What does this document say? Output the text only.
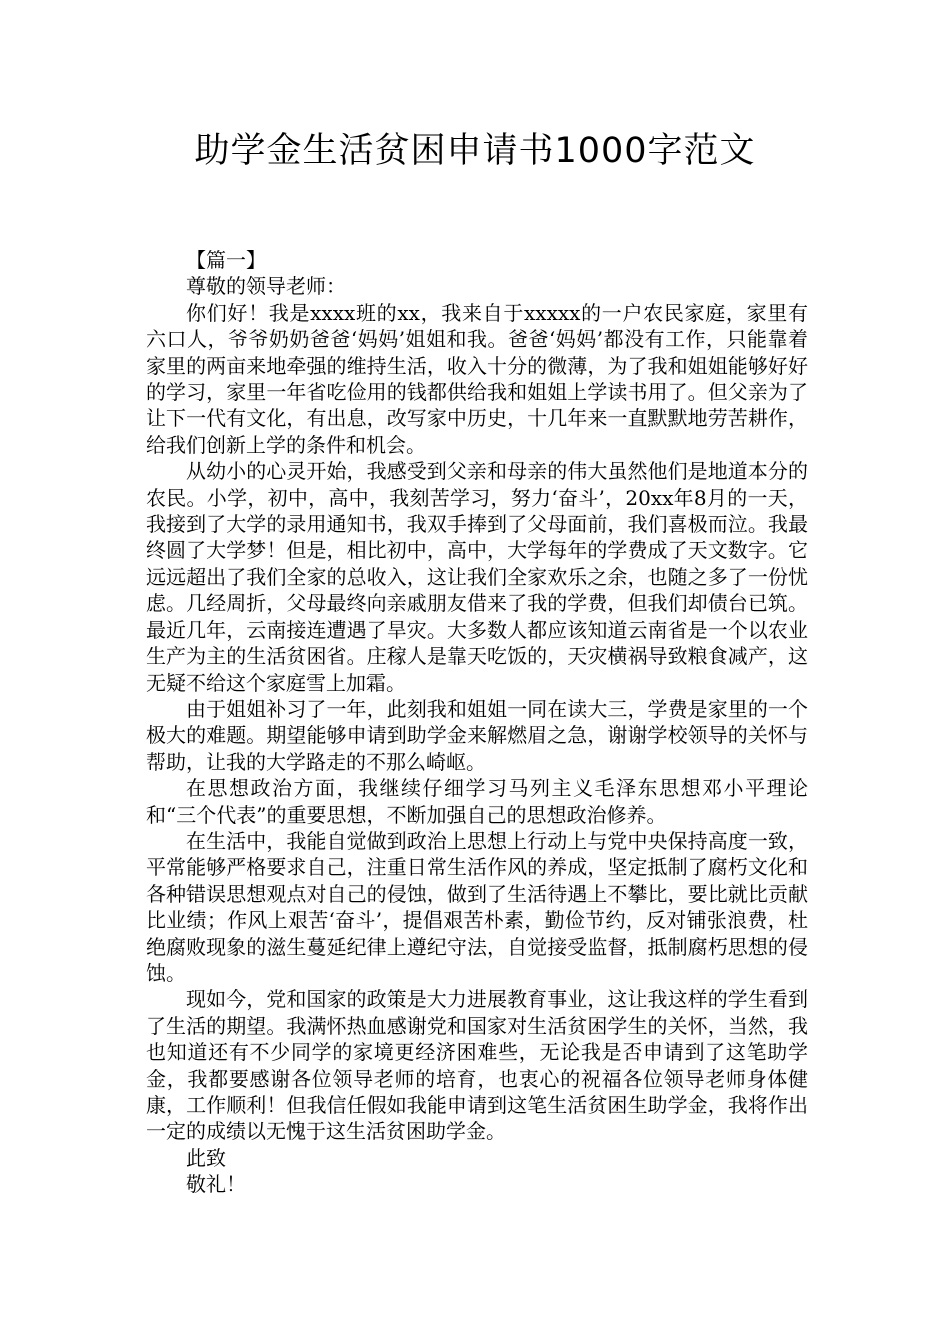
助学金生活贫困申请书1000字范文

【篇一】

尊敬的领导老师：

你们好！我是xxxx班的xx，我来自于xxxxx的一户农民家庭，家里有六口人，爷爷奶奶爸爸‘妈妈’姐姐和我。爸爸‘妈妈’都没有工作，只能靠着家里的两亩来地牵强的维持生活，收入十分的微薄，为了我和姐姐能够好好的学习，家里一年省吃俭用的钱都供给我和姐姐上学读书用了。但父亲为了让下一代有文化，有出息，改写家中历史，十几年来一直默默地劳苦耕作，给我们创新上学的条件和机会。

从幼小的心灵开始，我感受到父亲和母亲的伟大虽然他们是地道本分的农民。小学，初中，高中，我刻苦学习，努力‘奋斗’，20xx年8月的一天，我接到了大学的录用通知书，我双手捧到了父母面前，我们喜极而泣。我最终圆了大学梦！但是，相比初中，高中，大学每年的学费成了天文数字。它远远超出了我们全家的总收入，这让我们全家欢乐之余，也随之多了一份忧虑。几经周折，父母最终向亲戚朋友借来了我的学费，但我们却债台已筑。最近几年，云南接连遭遇了旱灾。大多数人都应该知道云南省是一个以农业生产为主的生活贫困省。庄稼人是靠天吃饭的，天灾横祸导致粮食减产，这无疑不给这个家庭雪上加霜。

由于姐姐补习了一年，此刻我和姐姐一同在读大三，学费是家里的一个极大的难题。期望能够申请到助学金来解燃眉之急，谢谢学校领导的关怀与帮助，让我的大学路走的不那么崎岖。

在思想政治方面，我继续仔细学习马列主义毛泽东思想邓小平理论和“三个代表”的重要思想，不断加强自己的思想政治修养。

在生活中，我能自觉做到政治上思想上行动上与党中央保持高度一致，平常能够严格要求自己，注重日常生活作风的养成，坚定抵制了腐朽文化和各种错误思想观点对自己的侵蚀，做到了生活待遇上不攀比，要比就比贡献比业绩；作风上艰苦‘奋斗’，提倡艰苦朴素，勤俭节约，反对铺张浪费，杜绝腐败现象的滋生蔓延纪律上遵纪守法，自觉接受监督，抵制腐朽思想的侵蚀。

现如今，党和国家的政策是大力进展教育事业，这让我这样的学生看到了生活的期望。我满怀热血感谢党和国家对生活贫困学生的关怀，当然，我也知道还有不少同学的家境更经济困难些，无论我是否申请到了这笔助学金，我都要感谢各位领导老师的培育，也衷心的祝福各位领导老师身体健康，工作顺利！但我信任假如我能申请到这笔生活贫困生助学金，我将作出一定的成绩以无愧于这生活贫困助学金。

此致

敬礼！
